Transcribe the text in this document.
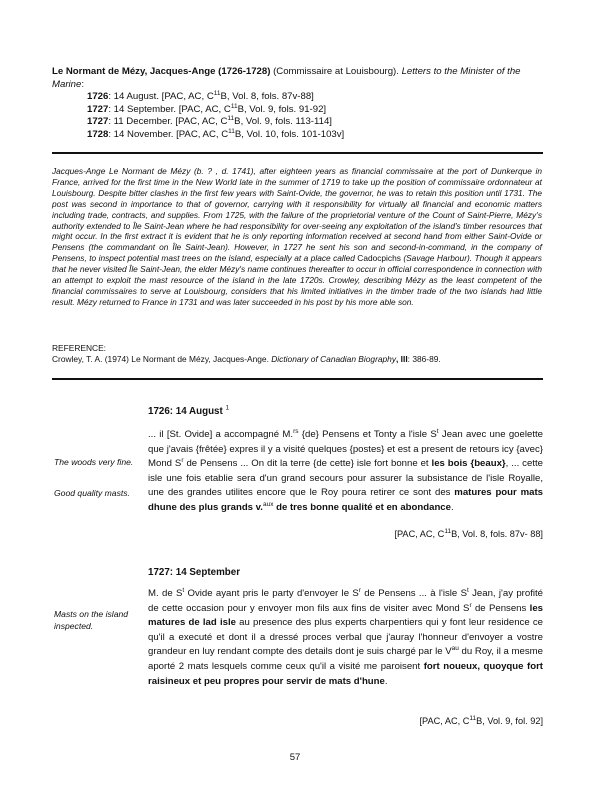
Le Normant de Mézy, Jacques-Ange (1726-1728) (Commissaire at Louisbourg). Letters to the Minister of the Marine:
1726: 14 August. [PAC, AC, $C^{11}B$, Vol. 8, fols. 87v-88]
1727: 14 September. [PAC, AC, $C^{11}B$, Vol. 9, fols. 91-92]
1727: 11 December. [PAC, AC, $C^{11}B$, Vol. 9, fols. 113-114]
1728: 14 November. [PAC, AC, $C^{11}B$, Vol. 10, fols. 101-103v]
Jacques-Ange Le Normant de Mézy (b. ? , d. 1741), after eighteen years as financial commissaire at the port of Dunkerque in France, arrived for the first time in the New World late in the summer of 1719 to take up the position of commissaire ordonnateur at Louisbourg. Despite bitter clashes in the first few years with Saint-Ovide, the governor, he was to retain this position until 1731. The post was second in importance to that of governor, carrying with it responsibility for virtually all financial and economic matters including trade, contracts, and supplies. From 1725, with the failure of the proprietorial venture of the Count of Saint-Pierre, Mézy's authority extended to Île Saint-Jean where he had responsibility for over-seeing any exploitation of the island's timber resources that might occur. In the first extract it is evident that he is only reporting information received at second hand from either Saint-Ovide or Pensens (the commandant on Île Saint-Jean). However, in 1727 he sent his son and second-in-command, in the company of Pensens, to inspect potential mast trees on the island, especially at a place called Cadocpichs (Savage Harbour). Though it appears that he never visited Île Saint-Jean, the elder Mézy's name continues thereafter to occur in official correspondence in connection with an attempt to exploit the mast resource of the island in the late 1720s. Crowley, describing Mézy as the least competent of the financial commissaires to serve at Louisbourg, considers that his limited initiatives in the timber trade of the two islands had little result. Mézy returned to France in 1731 and was later succeeded in his post by his more able son.
REFERENCE:
Crowley, T. A. (1974) Le Normant de Mézy, Jacques-Ange. Dictionary of Canadian Biography, III: 386-89.
1726: 14 August $^1$
The woods very fine.
Good quality masts.
... il [St. Ovide] a accompagné M.$^{rs}$ {de} Pensens et Tonty a l'isle $S^t$ Jean avec une goelette que j'avais {frêtée} expres il y a visité quelques {postes} et est a present de retours icy {avec} Mond $S^r$ de Pensens ... On dit la terre {de cette} isle fort bonne et les bois {beaux}, ... cette isle une fois etablie sera d'un grand secours pour assurer la subsistance de l'isle Royalle, une des grandes utilites encore que le Roy poura retirer ce sont des matures pour mats dhune des plus grands v.$^{aux}$ de tres bonne qualité et en abondance.
[PAC, AC, $C^{11}B$, Vol. 8, fols. 87v- 88]
1727: 14 September
Masts on the island inspected.
M. de $S^t$ Ovide ayant pris le party d'envoyer le $S^r$ de Pensens ... à l'isle $S^t$ Jean, j'ay profité de cette occasion pour y envoyer mon fils aux fins de visiter avec Mond $S^r$ de Pensens les matures de lad isle au presence des plus experts charpentiers qui y font leur residence ce qu'il a executé et dont il a dressé proces verbal que j'auray l'honneur d'envoyer a vostre grandeur en luy rendant compte des details dont je suis chargé par le $V^{au}$ du Roy, il a mesme aporté 2 mats lesquels comme ceux qu'il a visité me paroisent fort noueux, quoyque fort raisineux et peu propres pour servir de mats d'hune.
[PAC, AC, $C^{11}B$, Vol. 9, fol. 92]
57
